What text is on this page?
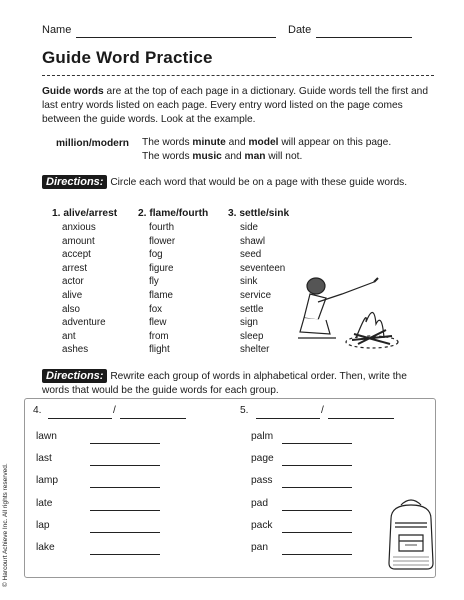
Name	Date
Guide Word Practice
Guide words are at the top of each page in a dictionary. Guide words tell the first and last entry words listed on each page. Every entry word listed on the page comes between the guide words. Look at the example.
million/modern The words minute and model will appear on this page.
The words music and man will not.
Directions: Circle each word that would be on a page with these guide words.
1. alive/arrest 2. flame/fourth 3. settle/sink
anxious
amount
accept
arrest
actor
alive
also
adventure
ant
ashes
fourth
flower
fog
figure
fly
flame
fox
flew
from
flight
side
shawl
seed
seventeen
sink
service
settle
sign
sleep
shelter
Directions: Rewrite each group of words in alphabetical order. Then, write the words that would be the guide words for each group.
4.	/	5.	/
lawn
last
lamp
late
lap
lake
palm
page
pass
pad
pack
pan
© Harcourt Achieve Inc. All rights reserved.
